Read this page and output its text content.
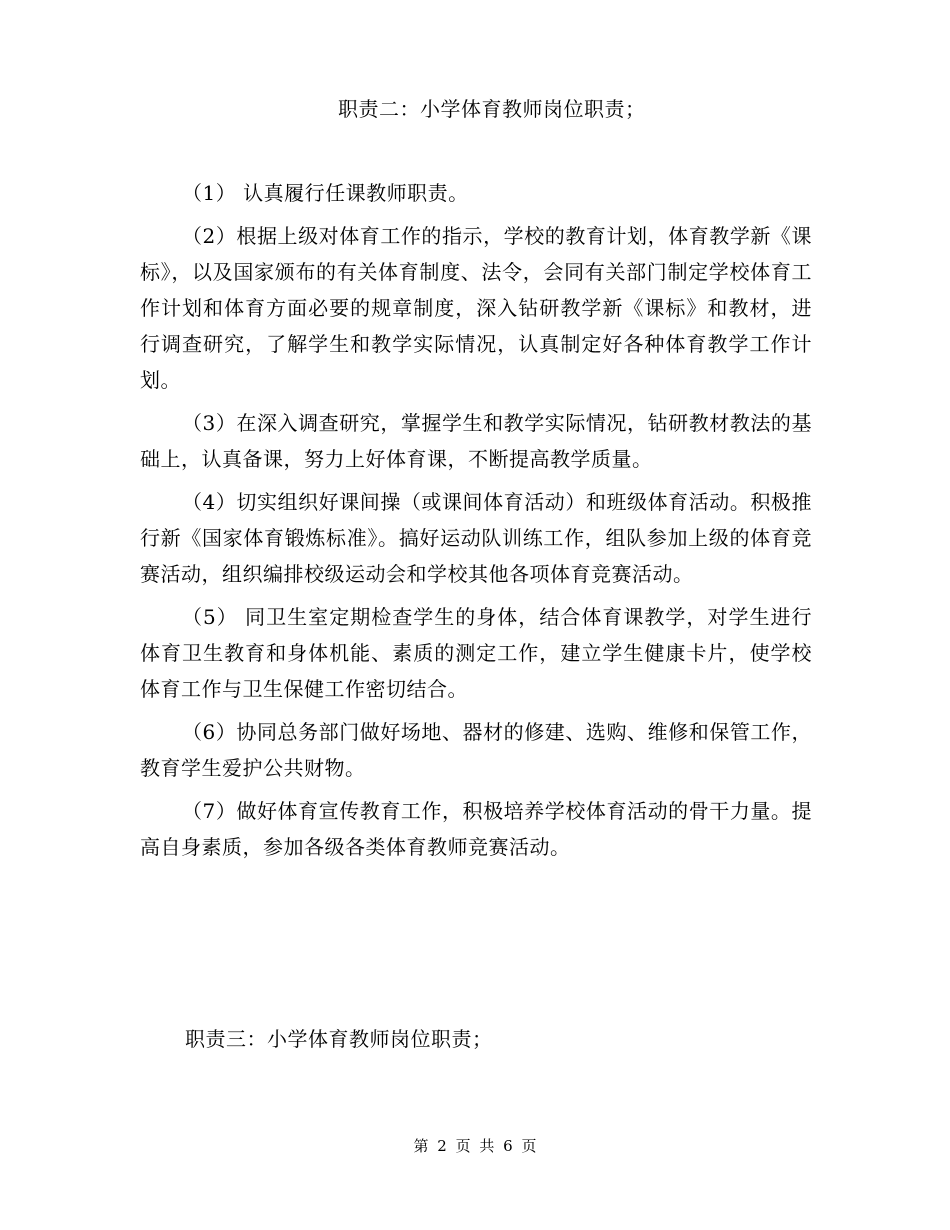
职责二：小学体育教师岗位职责；

（1） 认真履行任课教师职责。

（2）根据上级对体育工作的指示，学校的教育计划，体育教学新《课标》，以及国家颁布的有关体育制度、法令，会同有关部门制定学校体育工作计划和体育方面必要的规章制度，深入钻研教学新《课标》和教材，进行调查研究，了解学生和教学实际情况，认真制定好各种体育教学工作计划。

（3）在深入调查研究，掌握学生和教学实际情况，钻研教材教法的基础上，认真备课，努力上好体育课，不断提高教学质量。

（4）切实组织好课间操（或课间体育活动）和班级体育活动。积极推行新《国家体育锻炼标准》。搞好运动队训练工作，组队参加上级的体育竞赛活动，组织编排校级运动会和学校其他各项体育竞赛活动。

（5） 同卫生室定期检查学生的身体，结合体育课教学，对学生进行体育卫生教育和身体机能、素质的测定工作，建立学生健康卡片，使学校体育工作与卫生保健工作密切结合。

（6）协同总务部门做好场地、器材的修建、选购、维修和保管工作，教育学生爱护公共财物。

（7）做好体育宣传教育工作，积极培养学校体育活动的骨干力量。提高自身素质，参加各级各类体育教师竞赛活动。

职责三：小学体育教师岗位职责；
第 2 页 共 6 页
